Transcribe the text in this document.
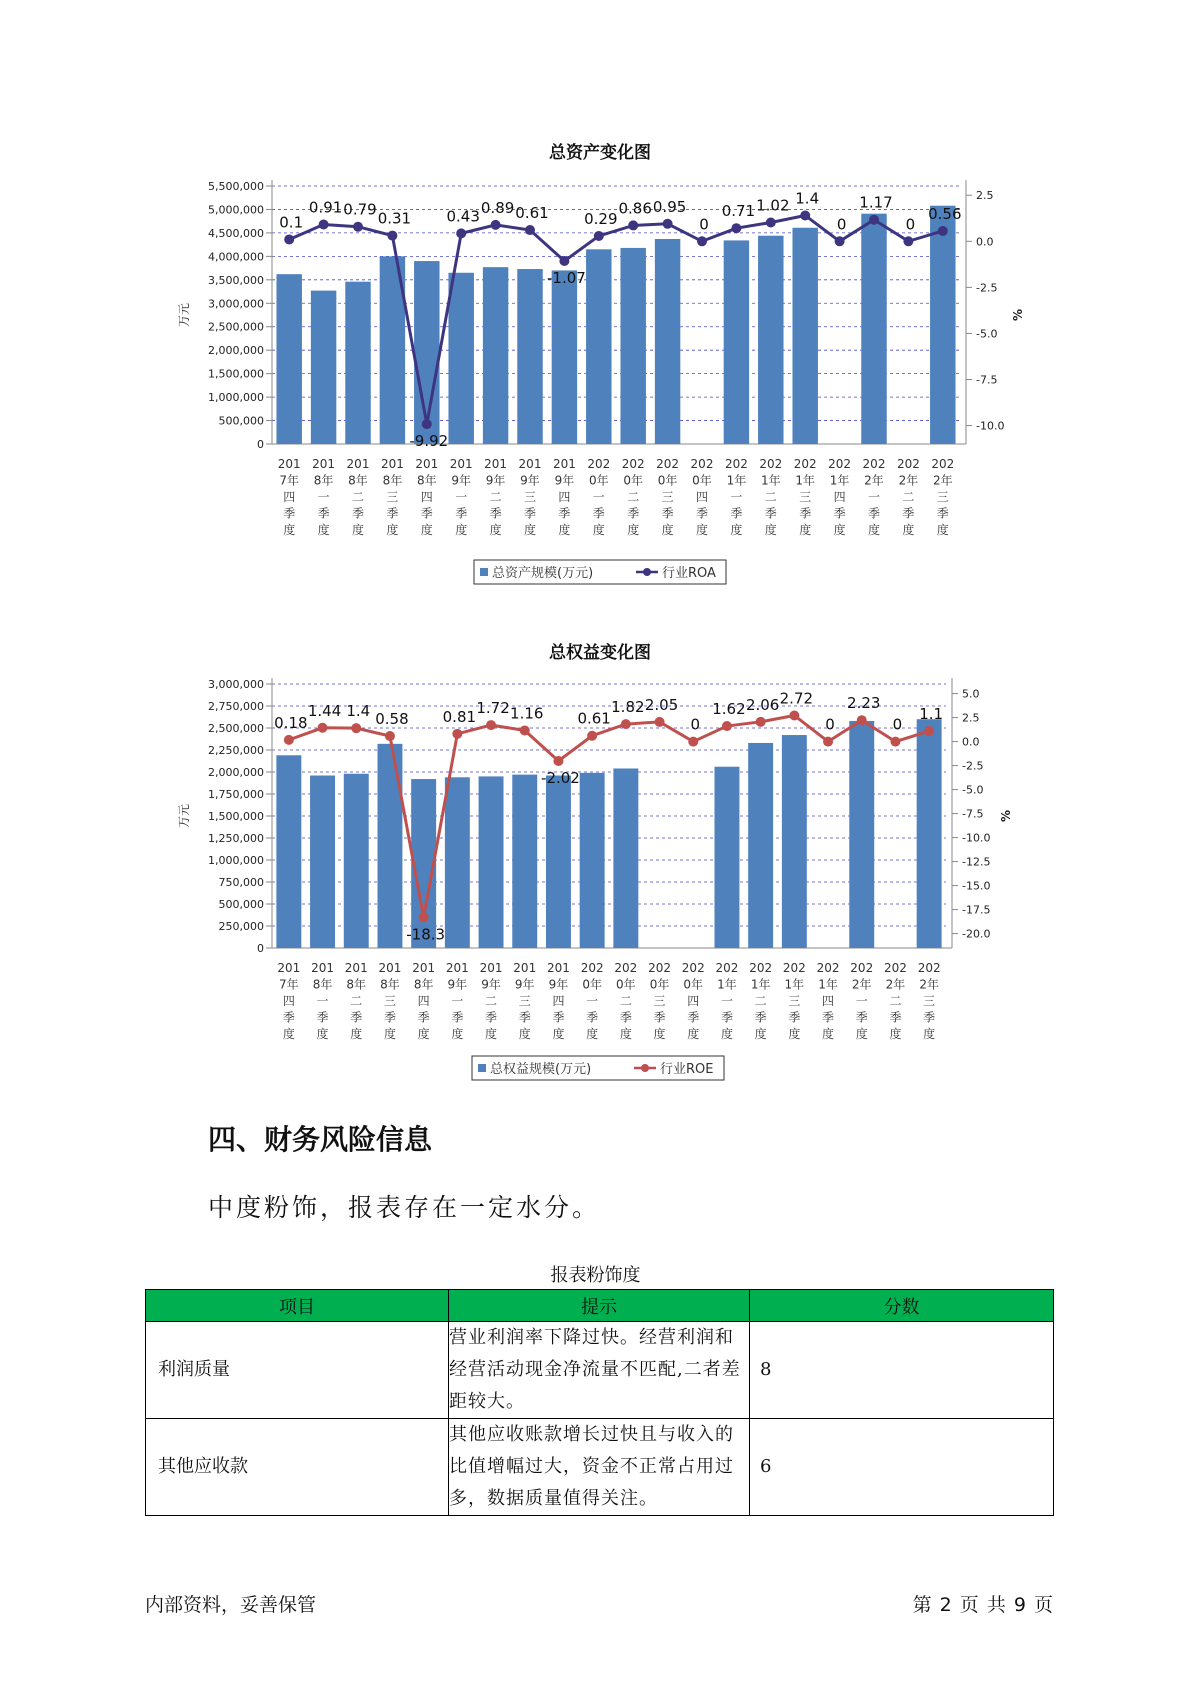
总资产变化图
0
500,000
1,000,000
1,500,000
2,000,000
2,500,000
3,000,000
3,500,000
4,000,000
4,500,000
5,000,000
5,500,000
2.5
0.0
-2.5
-5.0
-7.5
-10.0
万元	%
201
7年
四
季
度
201
8年
一
季
度
201
8年
二
季
度
201
8年
三
季
度
201
8年
四
季
度
201
9年
一
季
度
201
9年
二
季
度
201
9年
三
季
度
201
9年
四
季
度
202
0年
一
季
度
202
0年
二
季
度
202
0年
三
季
度
202
0年
四
季
度
202
1年
一
季
度
202
1年
二
季
度
202
1年
三
季
度
202
1年
四
季
度
202
2年
一
季
度
202
2年
二
季
度
202
2年
三
季
度
0.1
0.91 0.79 0.31
-9.92
0.43 0.89 0.61
-1.07
0.29
0.86 0.95
0
0.71 1.02 1.4
0
1.17
0
0.56
总资产规模(万元)	行业ROA
总权益变化图
0
250,000
500,000
750,000
1,000,000
1,250,000
1,500,000
1,750,000
2,000,000
2,250,000
2,500,000
2,750,000
3,000,000
5.0
2.5
0.0
-2.5
-5.0
-7.5
-10.0
-12.5
-15.0
-17.5
-20.0
万元	%
201
7年
四
季
度
201
8年
一
季
度
201
8年
二
季
度
201
8年
三
季
度
201
8年
四
季
度
201
9年
一
季
度
201
9年
二
季
度
201
9年
三
季
度
201
9年
四
季
度
202
0年
一
季
度
202
0年
二
季
度
202
0年
三
季
度
202
0年
四
季
度
202
1年
一
季
度
202
1年
二
季
度
202
1年
三
季
度
202
1年
四
季
度
202
2年
一
季
度
202
2年
二
季
度
202
2年
三
季
度
0.18
1.44 1.4 0.58
-18.3
0.81 1.72 1.16
-2.02
0.61
1.82 2.05
0
1.62 2.06 2.72
0
2.23
0
1.1
总权益规模(万元)	行业ROE
四、财务风险信息

中度粉饰，报表存在一定水分。

报表粉饰度
项目	提示	分数
利润质量	营业利润率下降过快。经营利润和经营活动现金净流量不匹配,二者差距较大。	8
其他应收款	其他应收账款增长过快且与收入的比值增幅过大，资金不正常占用过多，数据质量值得关注。	6
内部资料，妥善保管	第 2 页 共 9 页
